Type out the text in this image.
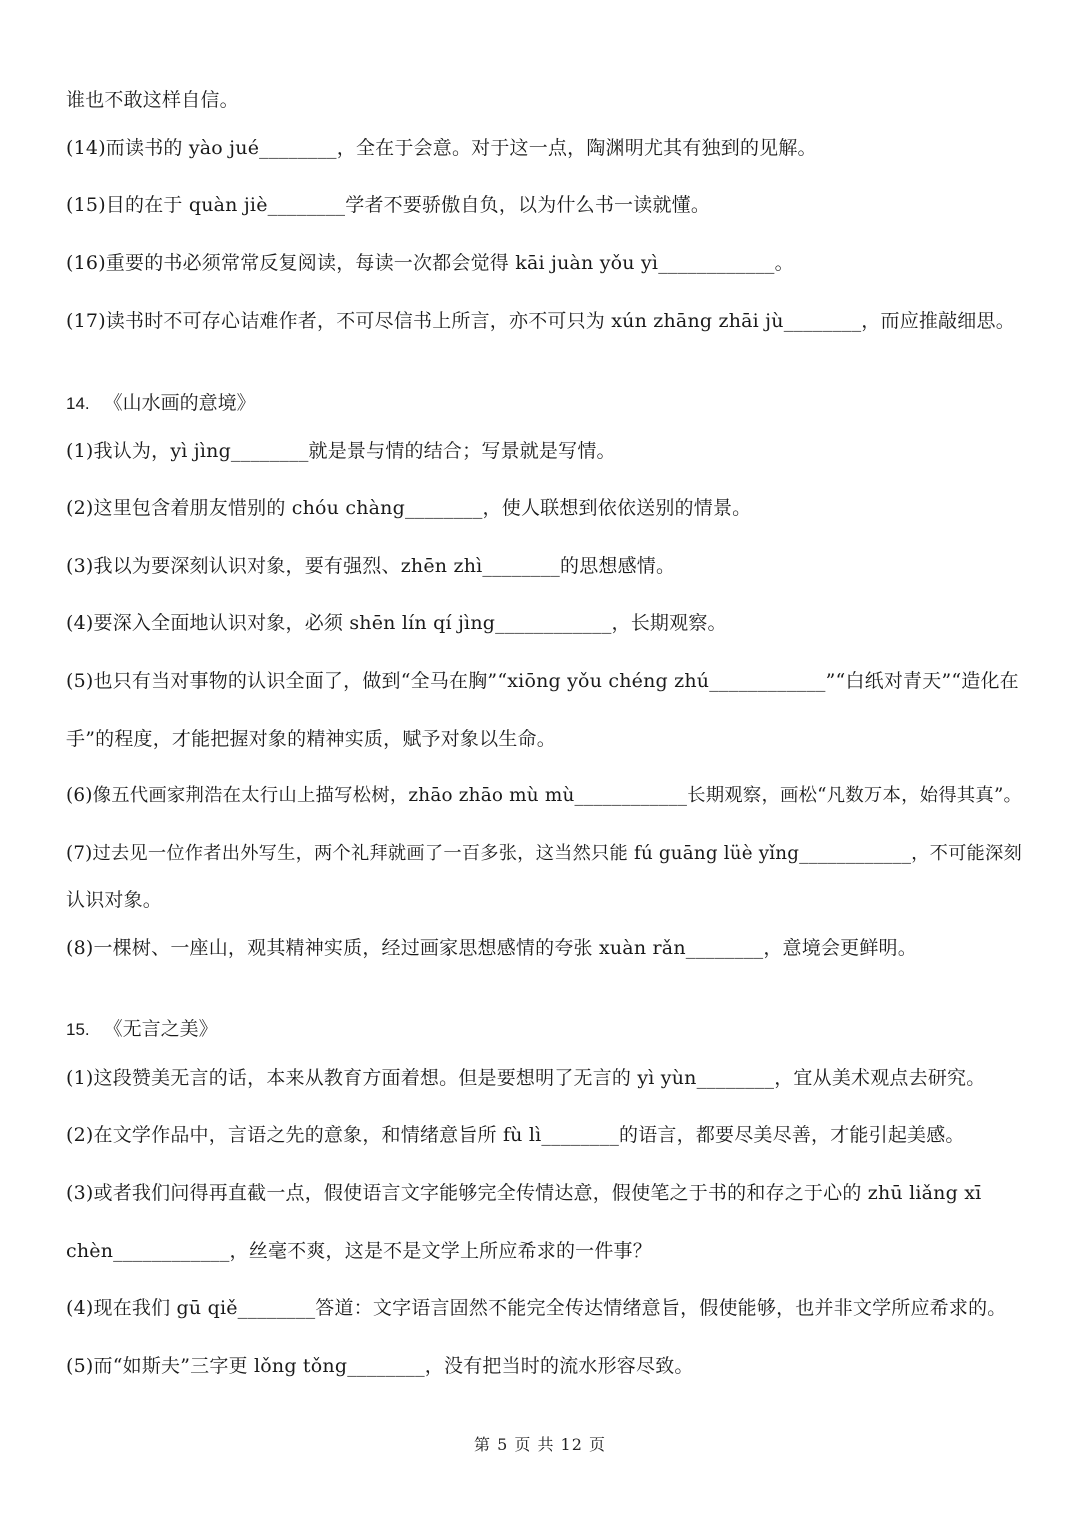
谁也不敢这样自信。
(14)而读书的 yào jué________，全在于会意。对于这一点，陶渊明尤其有独到的见解。
(15)目的在于 quàn jiè________学者不要骄傲自负，以为什么书一读就懂。
(16)重要的书必须常常反复阅读，每读一次都会觉得 kāi juàn yǒu yì____________。
(17)读书时不可存心诘难作者，不可尽信书上所言，亦不可只为 xún zhāng zhāi jù________，而应推敲细思。
14. 《山水画的意境》
(1)我认为，yì jìng________就是景与情的结合；写景就是写情。
(2)这里包含着朋友惜别的 chóu chàng________，使人联想到依依送别的情景。
(3)我以为要深刻认识对象，要有强烈、zhēn zhì________的思想感情。
(4)要深入全面地认识对象，必须 shēn lín qí jìng____________，长期观察。
(5)也只有当对事物的认识全面了，做到“全马在胸”“xiōng yǒu chéng zhú____________”“白纸对青天”“造化在
手”的程度，才能把握对象的精神实质，赋予对象以生命。
(6)像五代画家荆浩在太行山上描写松树，zhāo zhāo mù mù____________长期观察，画松“凡数万本，始得其真”。
(7)过去见一位作者出外写生，两个礼拜就画了一百多张，这当然只能 fú guāng lüè yǐng____________，不可能深刻
认识对象。
(8)一棵树、一座山，观其精神实质，经过画家思想感情的夸张 xuàn rǎn________，意境会更鲜明。
15. 《无言之美》
(1)这段赞美无言的话，本来从教育方面着想。但是要想明了无言的 yì yùn________，宜从美术观点去研究。
(2)在文学作品中，言语之先的意象，和情绪意旨所 fù lì________的语言，都要尽美尽善，才能引起美感。
(3)或者我们问得再直截一点，假使语言文字能够完全传情达意，假使笔之于书的和存之于心的 zhū liǎng xī
chèn____________，丝毫不爽，这是不是文学上所应希求的一件事？
(4)现在我们 gū qiě________答道：文字语言固然不能完全传达情绪意旨，假使能够，也并非文学所应希求的。
(5)而“如斯夫”三字更 lǒng tǒng________，没有把当时的流水形容尽致。
第 5 页 共 12 页
